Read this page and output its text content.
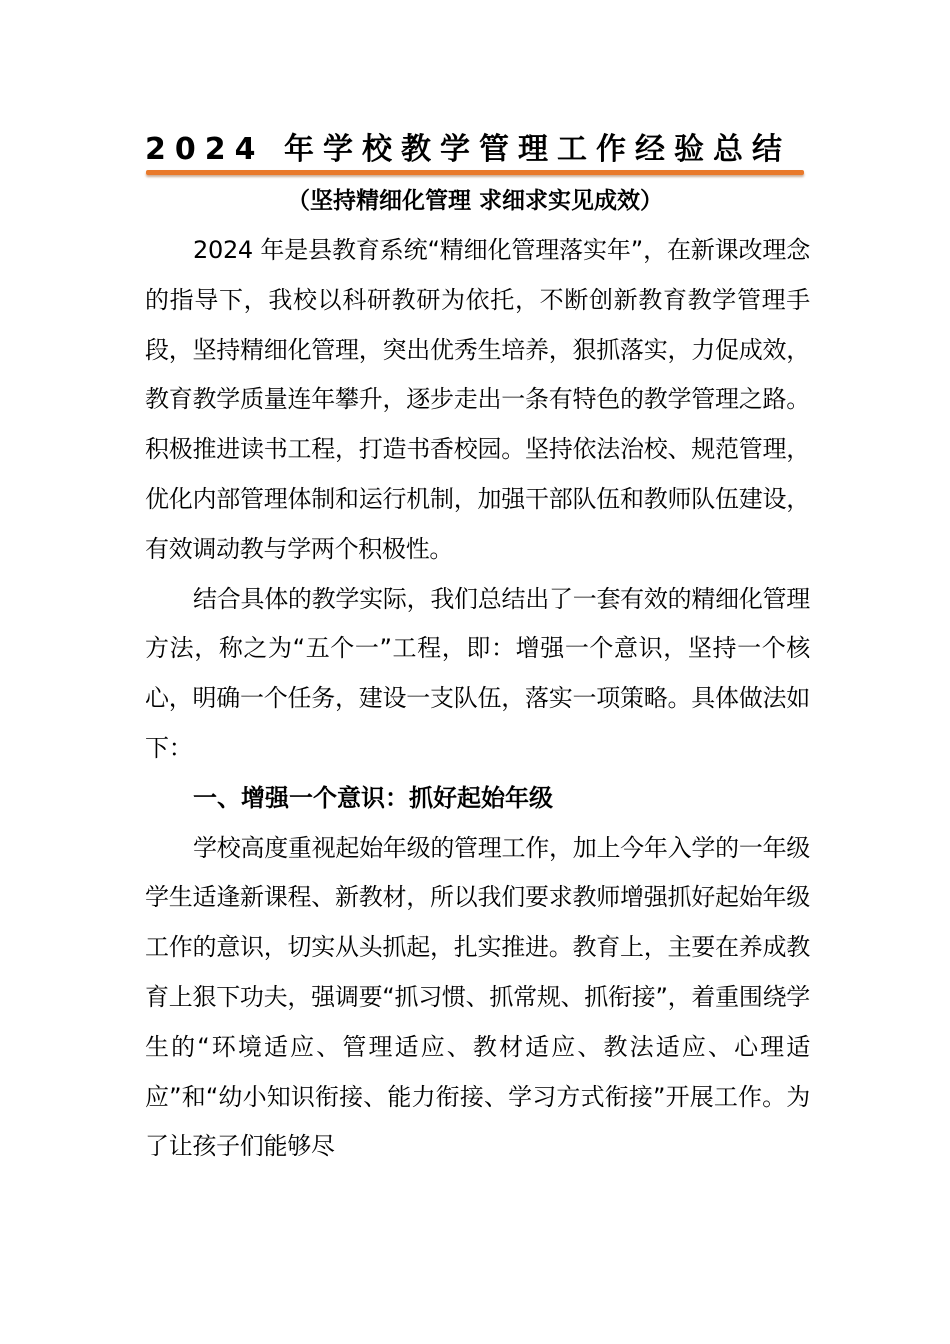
2024 年学校教学管理工作经验总结
（坚持精细化管理 求细求实见成效）

2024 年是县教育系统“精细化管理落实年”，在新课改理念的指导下，我校以科研教研为依托，不断创新教育教学管理手段，坚持精细化管理，突出优秀生培养，狠抓落实，力促成效，教育教学质量连年攀升，逐步走出一条有特色的教学管理之路。积极推进读书工程，打造书香校园。坚持依法治校、规范管理，优化内部管理体制和运行机制，加强干部队伍和教师队伍建设，有效调动教与学两个积极性。

结合具体的教学实际，我们总结出了一套有效的精细化管理方法，称之为“五个一”工程，即：增强一个意识，坚持一个核心，明确一个任务，建设一支队伍，落实一项策略。具体做法如下：

一、增强一个意识：抓好起始年级

学校高度重视起始年级的管理工作，加上今年入学的一年级学生适逢新课程、新教材，所以我们要求教师增强抓好起始年级工作的意识，切实从头抓起，扎实推进。教育上，主要在养成教育上狠下功夫，强调要“抓习惯、抓常规、抓衔接”，着重围绕学生的“环境适应、管理适应、教材适应、教法适应、心理适应”和“幼小知识衔接、能力衔接、学习方式衔接”开展工作。为了让孩子们能够尽
